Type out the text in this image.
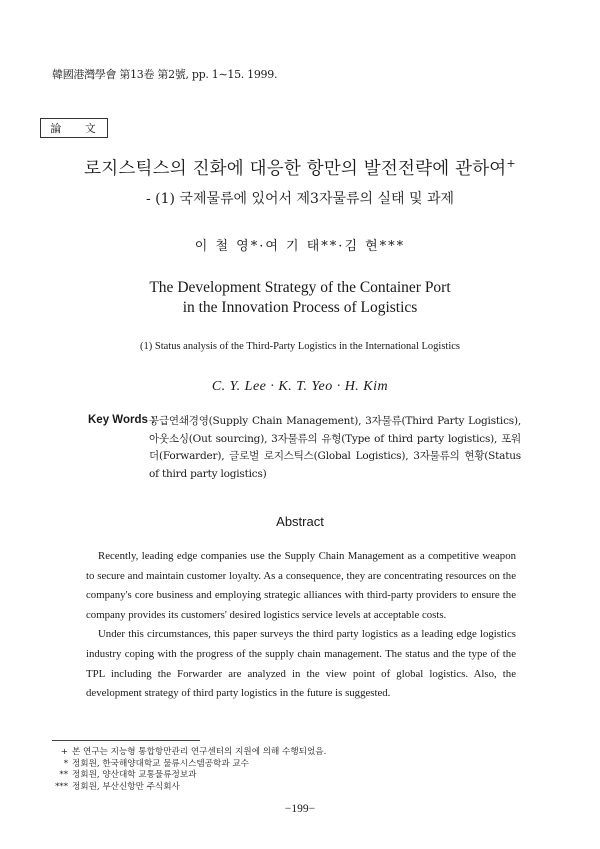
韓國港灣學會 第13卷 第2號, pp. 1∼15. 1999.
論 文
로지스틱스의 진화에 대응한 항만의 발전전략에 관하여+
- (1) 국제물류에 있어서 제3자물류의 실태 및 과제
이 철 영*·여 기 태**·김 현***
The Development Strategy of the Container Port
in the Innovation Process of Logistics
(1) Status analysis of the Third-Party Logistics in the International Logistics
C. Y. Lee · K. T. Yeo · H. Kim
Key Words :
공급연쇄경영(Supply Chain Management), 3자물류(Third Party Logistics), 아웃소싱(Out sourcing), 3자물류의 유형(Type of third party logistics), 포워더(Forwarder), 글로벌 로지스틱스(Global Logistics), 3자물류의 현황(Status of third party logistics)
Abstract

Recently, leading edge companies use the Supply Chain Management as a competitive weapon to secure and maintain customer loyalty. As a consequence, they are concentrating resources on the company's core business and employing strategic alliances with third-party providers to ensure the company provides its customers' desired logistics service levels at acceptable costs.

Under this circumstances, this paper surveys the third party logistics as a leading edge logistics industry coping with the progress of the supply chain management. The status and the type of the TPL including the Forwarder are analyzed in the view point of global logistics. Also, the development strategy of third party logistics in the future is suggested.

+ 본 연구는 지능형 통합항만관리 연구센터의 지원에 의해 수행되었음.
* 정회원, 한국해양대학교 물류시스템공학과 교수
** 정회원, 양산대학 교통물류정보과
*** 정회원, 부산신항만 주식회사
−199−
